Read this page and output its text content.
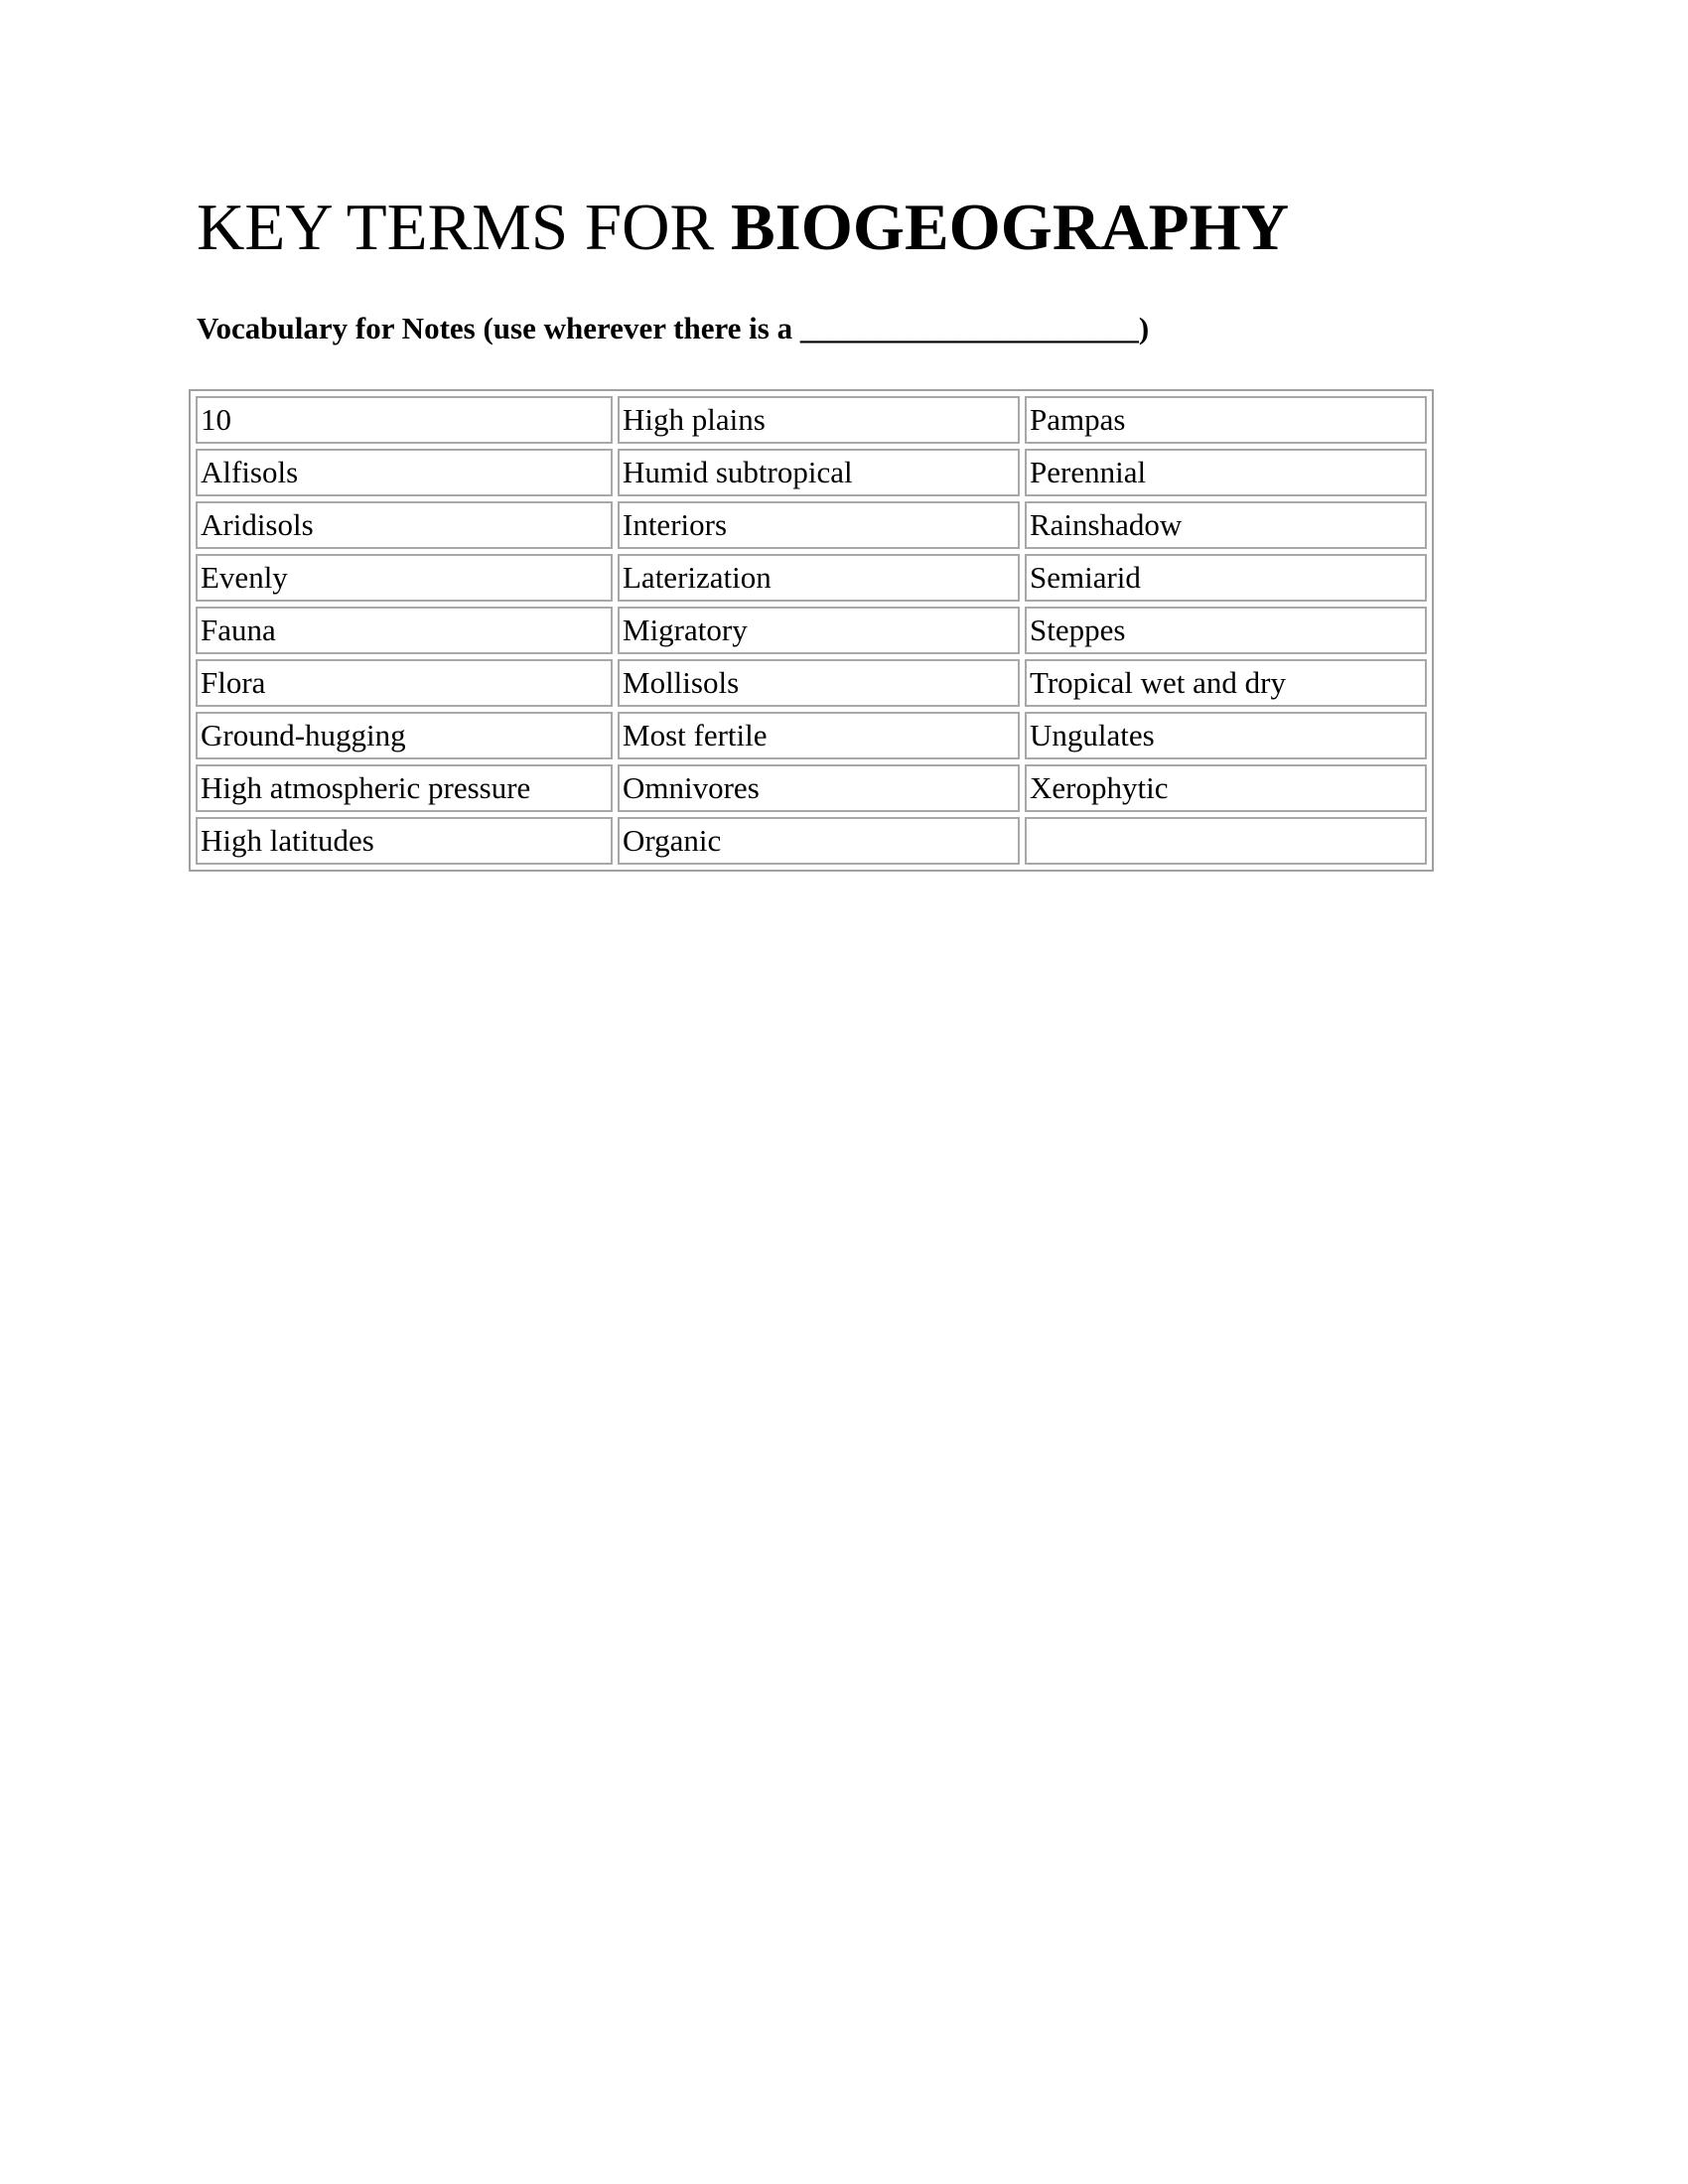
KEY TERMS FOR BIOGEOGRAPHY

Vocabulary for Notes (use wherever there is a ______________________)

10	High plains	Pampas
Alfisols	Humid subtropical	Perennial
Aridisols	Interiors	Rainshadow
Evenly	Laterization	Semiarid
Fauna	Migratory	Steppes
Flora	Mollisols	Tropical wet and dry
Ground-hugging	Most fertile	Ungulates
High atmospheric pressure	Omnivores	Xerophytic
High latitudes	Organic	
